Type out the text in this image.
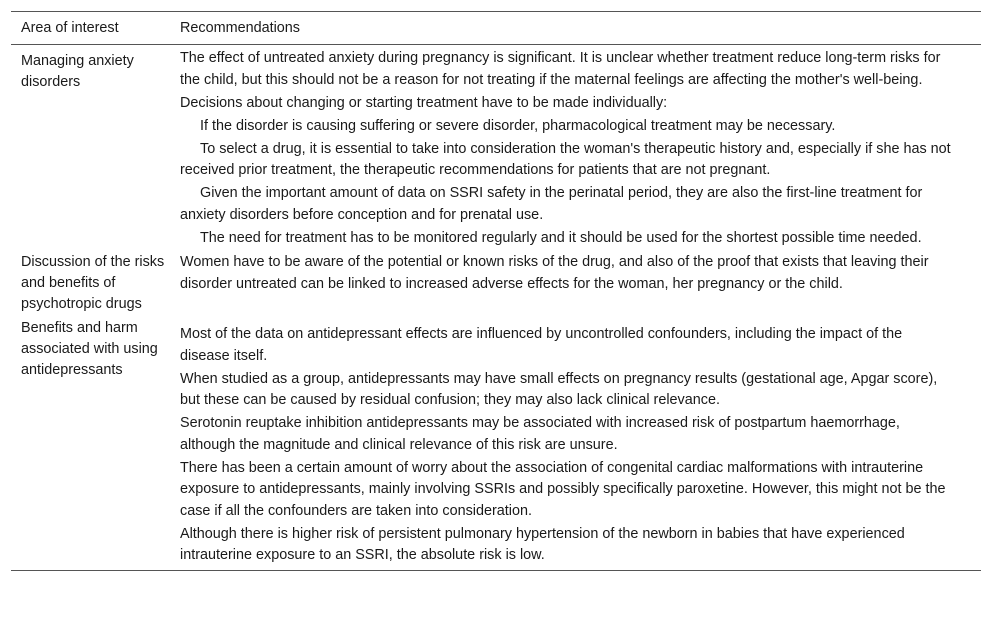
Area of interest	Recommendations
Managing anxiety disorders

The effect of untreated anxiety during pregnancy is significant. It is unclear whether treatment reduce long-term risks for the child, but this should not be a reason for not treating if the maternal feelings are affecting the mother's well-being.

Decisions about changing or starting treatment have to be made individually:

If the disorder is causing suffering or severe disorder, pharmacological treatment may be necessary.

To select a drug, it is essential to take into consideration the woman's therapeutic history and, especially if she has not received prior treatment, the therapeutic recommendations for patients that are not pregnant.

Given the important amount of data on SSRI safety in the perinatal period, they are also the first-line treatment for anxiety disorders before conception and for prenatal use.

The need for treatment has to be monitored regularly and it should be used for the shortest possible time needed.

Discussion of the risks and benefits of psychotropic drugs

Women have to be aware of the potential or known risks of the drug, and also of the proof that exists that leaving their disorder untreated can be linked to increased adverse effects for the woman, her pregnancy or the child.

Benefits and harm associated with using antidepressants

Most of the data on antidepressant effects are influenced by uncontrolled confounders, including the impact of the disease itself.

When studied as a group, antidepressants may have small effects on pregnancy results (gestational age, Apgar score), but these can be caused by residual confusion; they may also lack clinical relevance.

Serotonin reuptake inhibition antidepressants may be associated with increased risk of postpartum haemorrhage, although the magnitude and clinical relevance of this risk are unsure.

There has been a certain amount of worry about the association of congenital cardiac malformations with intrauterine exposure to antidepressants, mainly involving SSRIs and possibly specifically paroxetine. However, this might not be the case if all the confounders are taken into consideration.

Although there is higher risk of persistent pulmonary hypertension of the newborn in babies that have experienced intrauterine exposure to an SSRI, the absolute risk is low.
